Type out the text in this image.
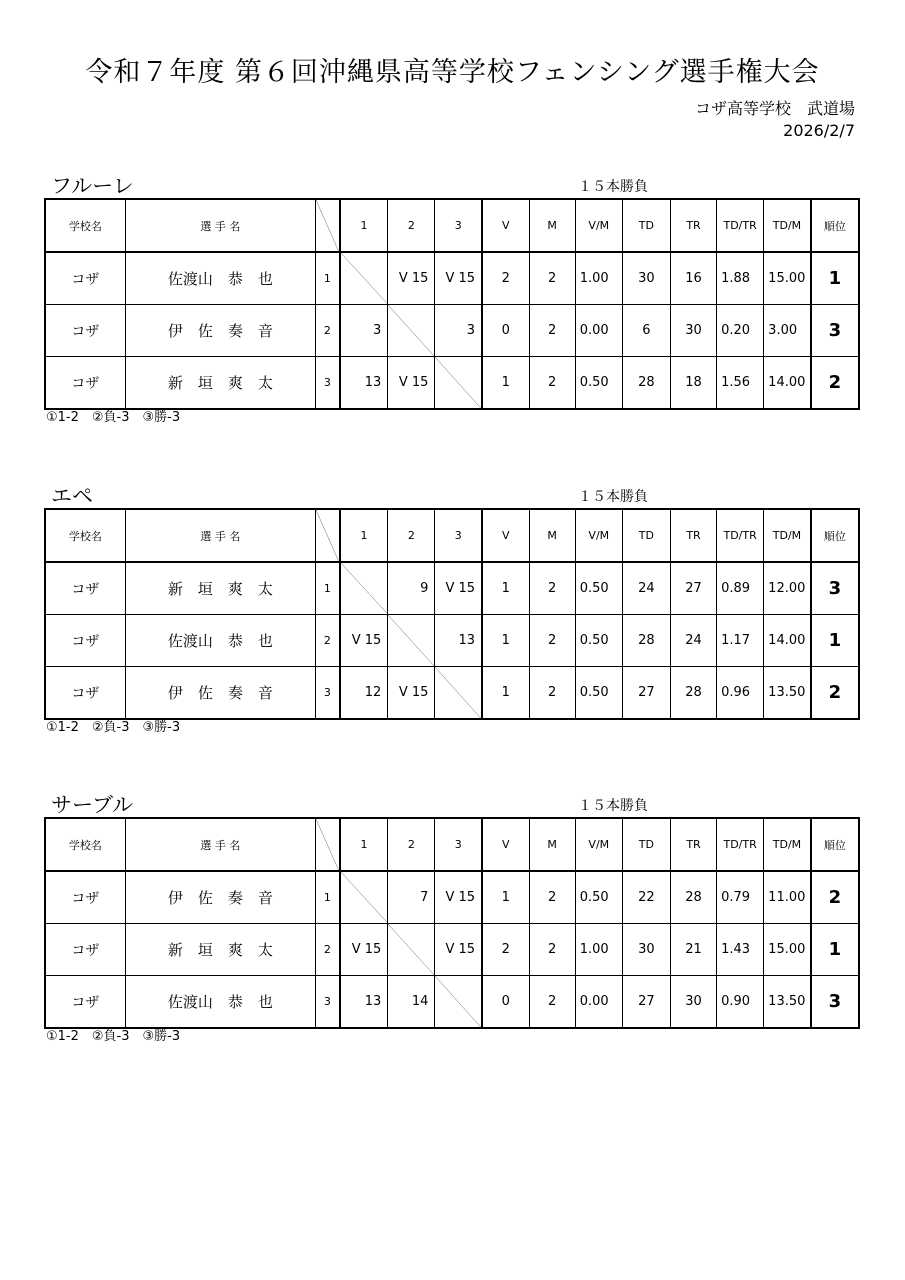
令和７年度 第６回沖縄県高等学校フェンシング選手権大会
コザ高等学校　武道場
2026/2/7
フルーレ	１５本勝負
学校名	選 手 名		1	2	3	V	M	V/M	TD	TR	TD/TR	TD/M	順位
コザ	佐渡山　恭　也	1		V 15	V 15	2	2	1.00	30	16	1.88	15.00	1
コザ	伊　佐　奏　音	2	3		3	0	2	0.00	6	30	0.20	3.00	3
コザ	新　垣　爽　太	3	13	V 15		1	2	0.50	28	18	1.56	14.00	2
①1-2　②負-3　③勝-3
エペ	１５本勝負
学校名	選 手 名		1	2	3	V	M	V/M	TD	TR	TD/TR	TD/M	順位
コザ	新　垣　爽　太	1		9	V 15	1	2	0.50	24	27	0.89	12.00	3
コザ	佐渡山　恭　也	2	V 15		13	1	2	0.50	28	24	1.17	14.00	1
コザ	伊　佐　奏　音	3	12	V 15		1	2	0.50	27	28	0.96	13.50	2
①1-2　②負-3　③勝-3
サーブル	１５本勝負
学校名	選 手 名		1	2	3	V	M	V/M	TD	TR	TD/TR	TD/M	順位
コザ	伊　佐　奏　音	1		7	V 15	1	2	0.50	22	28	0.79	11.00	2
コザ	新　垣　爽　太	2	V 15		V 15	2	2	1.00	30	21	1.43	15.00	1
コザ	佐渡山　恭　也	3	13	14		0	2	0.00	27	30	0.90	13.50	3
①1-2　②負-3　③勝-3
